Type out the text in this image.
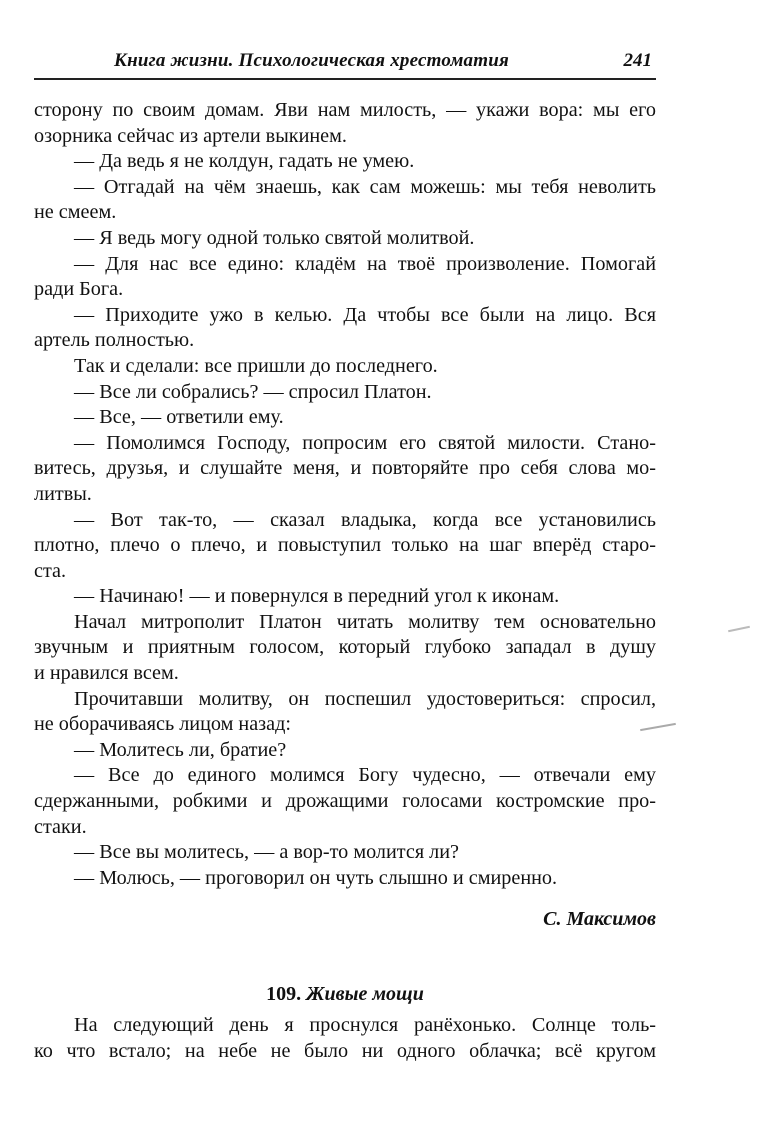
Книга жизни. Психологическая хрестоматия	241
сторону по своим домам. Яви нам милость, — укажи вора: мы его
озорника сейчас из артели выкинем.
— Да ведь я не колдун, гадать не умею.
— Отгадай на чём знаешь, как сам можешь: мы тебя неволить
не смеем.
— Я ведь могу одной только святой молитвой.
— Для нас все едино: кладём на твоё произволение. Помогай
ради Бога.
— Приходите ужо в келью. Да чтобы все были на лицо. Вся
артель полностью.
Так и сделали: все пришли до последнего.
— Все ли собрались? — спросил Платон.
— Все, — ответили ему.
— Помолимся Господу, попросим его святой милости. Стано-
витесь, друзья, и слушайте меня, и повторяйте про себя слова мо-
литвы.
— Вот так-то, — сказал владыка, когда все установились
плотно, плечо о плечо, и повыступил только на шаг вперёд старо-
ста.
— Начинаю! — и повернулся в передний угол к иконам.
Начал митрополит Платон читать молитву тем основательно
звучным и приятным голосом, который глубоко западал в душу
и нравился всем.
Прочитавши молитву, он поспешил удостовериться: спросил,
не оборачиваясь лицом назад:
— Молитесь ли, братие?
— Все до единого молимся Богу чудесно, — отвечали ему
сдержанными, робкими и дрожащими голосами костромские про-
стаки.
— Все вы молитесь, — а вор-то молится ли?
— Молюсь, — проговорил он чуть слышно и смиренно.
С. Максимов
109. Живые мощи
На следующий день я проснулся ранёхонько. Солнце толь-
ко что встало; на небе не было ни одного облачка; всё кругом
